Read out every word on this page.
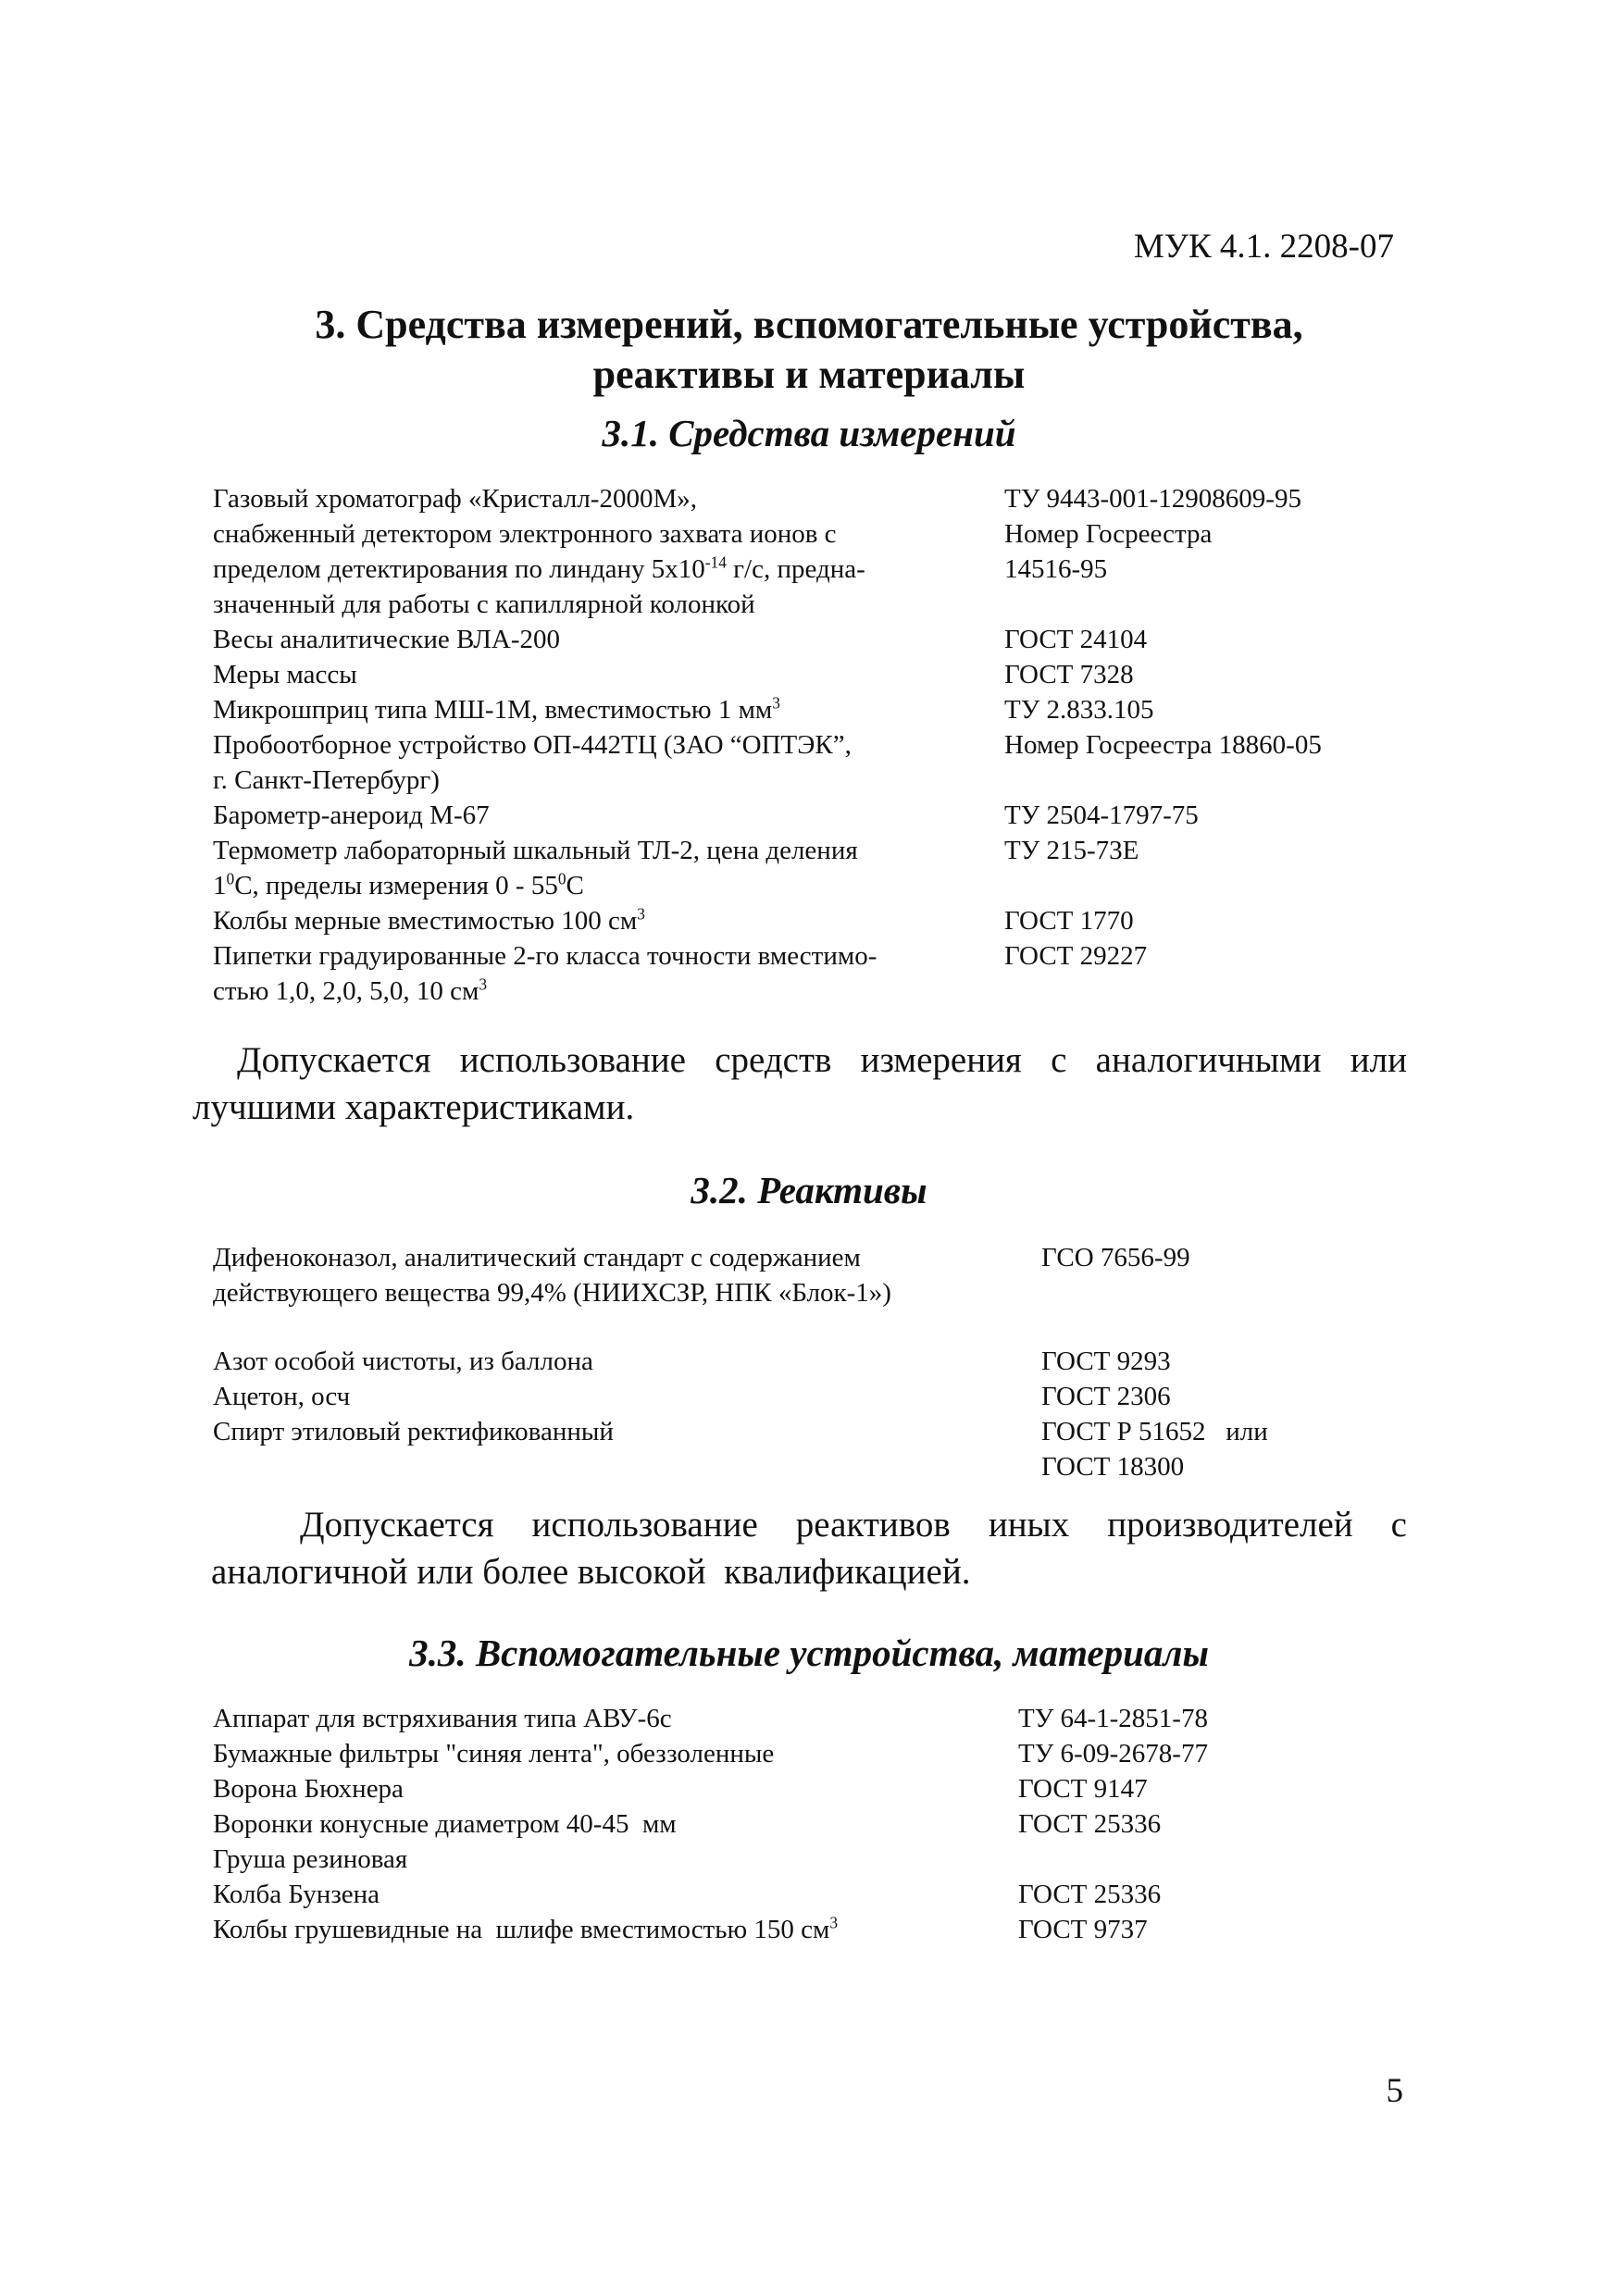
МУК 4.1. 2208-07
3. Средства измерений, вспомогательные устройства,
реактивы и материалы
3.1. Средства измерений
Газовый хроматограф «Кристалл-2000М»,	ТУ 9443-001-12908609-95
снабженный детектором электронного захвата ионов с	Номер Госреестра
пределом детектирования по линдану $5х10^{-14}$ г/с, предна-	14516-95
значенный для работы с капиллярной колонкой
Весы аналитические ВЛА-200	ГОСТ 24104
Меры массы	ГОСТ 7328
Микрошприц типа МШ-1М, вместимостью 1 $мм^3$	ТУ 2.833.105
Пробоотборное устройство ОП-442ТЦ (ЗАО “ОПТЭК”,	Номер Госреестра 18860-05
г. Санкт-Петербург)
Барометр-анероид М-67	ТУ 2504-1797-75
Термометр лабораторный шкальный ТЛ-2, цена деления	ТУ 215-73Е
$1^0С$, пределы измерения $0 - 55^0С$
Колбы мерные вместимостью 100 $см^3$	ГОСТ 1770
Пипетки градуированные 2-го класса точности вместимо-	ГОСТ 29227
стью 1,0, 2,0, 5,0, 10 $см^3$
Допускается использование средств измерения с аналогичными или
лучшими характеристиками.
3.2. Реактивы
Дифеноконазол, аналитический стандарт с содержанием	ГСО 7656-99
действующего вещества 99,4% (НИИХСЗР, НПК «Блок-1»)
Азот особой чистоты, из баллона	ГОСТ 9293
Ацетон, осч	ГОСТ 2306
Спирт этиловый ректификованный	ГОСТ Р 51652   или
ГОСТ 18300
Допускается использование реактивов иных производителей с
аналогичной или более высокой  квалификацией.
3.3. Вспомогательные устройства, материалы
Аппарат для встряхивания типа АВУ-6с	ТУ 64-1-2851-78
Бумажные фильтры "синяя лента", обеззоленные	ТУ 6-09-2678-77
Ворона Бюхнера	ГОСТ 9147
Воронки конусные диаметром 40-45  мм	ГОСТ 25336
Груша резиновая
Колба Бунзена	ГОСТ 25336
Колбы грушевидные на  шлифе вместимостью 150 $см^3$	ГОСТ 9737
5
